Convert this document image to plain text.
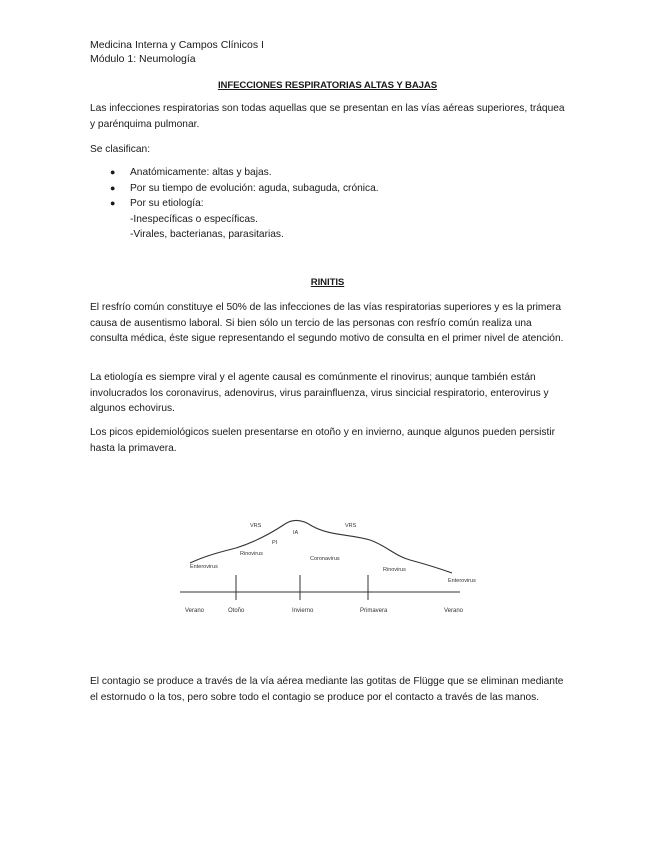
Medicina Interna y Campos Clínicos I
Módulo 1: Neumología
INFECCIONES RESPIRATORIAS ALTAS Y BAJAS
Las infecciones respiratorias son todas aquellas que se presentan en las vías aéreas superiores, tráquea y parénquima pulmonar.
Se clasifican:
● Anatómicamente: altas y bajas.
● Por su tiempo de evolución: aguda, subaguda, crónica.
● Por su etiología:
-Inespecíficas o específicas.
-Virales, bacterianas, parasitarias.
RINITIS
El resfrío común constituye el 50% de las infecciones de las vías respiratorias superiores y es la primera causa de ausentismo laboral. Si bien sólo un tercio de las personas con resfrío común realiza una consulta médica, éste sigue representando el segundo motivo de consulta en el primer nivel de atención.
La etiología es siempre viral y el agente causal es comúnmente el rinovirus; aunque también están involucrados los coronavirus, adenovirus, virus parainfluenza, virus sincicial respiratorio, enterovirus y algunos echovirus.
Los picos epidemiológicos suelen presentarse en otoño y en invierno, aunque algunos pueden persistir hasta la primavera.
Verano	Otoño	Invierno	Primavera	Verano
Enterovirus
Rinovirus
VRS
PI
IA
Coronavirus
VRS
Rinovirus
Enterovirus
El contagio se produce a través de la vía aérea mediante las gotitas de Flügge que se eliminan mediante el estornudo o la tos, pero sobre todo el contagio se produce por el contacto a través de las manos.
